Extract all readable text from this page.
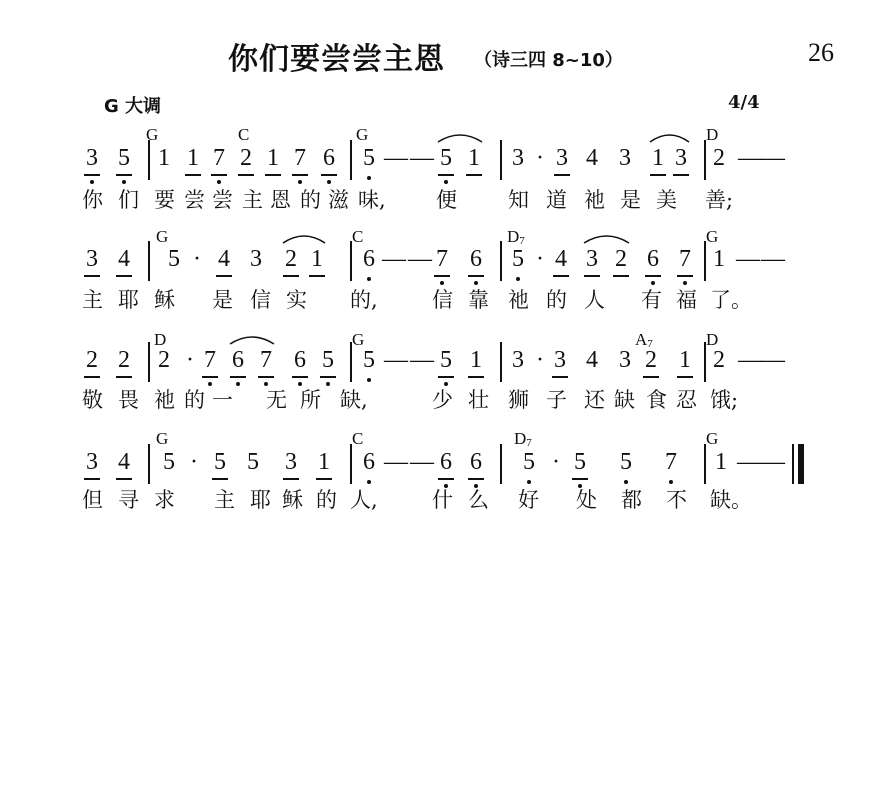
你们要尝尝主恩 （诗三四 8~10）	26
G 大调	4/4
3 5 1 1 7 2 1 7 6 5 — — 5 1 3 · 3 4 3 1 3 2 — —
你 们 要 尝 尝 主 恩 的 滋 味, 便 知 道 祂 是 美 善;
3 4 5 · 4 3 2 1 6 — — 7 6 5 · 4 3 2 6 7 1 — —
主 耶 稣 是 信 实 的,	信 靠 祂 的 人 有 福 了。
2 2 2 · 7 6 7 6 5 5 — — 5 1 3 · 3 4 3 2 1 2 — —
敬 畏 祂 的 一 无 所 缺,	少 壮 狮 子 还 缺 食 忍 饿;
3 4 5 · 5 5 3 1 6 — — 6 6 5 · 5 5 7 1 — —
但 寻 求 主 耶 稣 的 人,	什 么 好 处 都 不 缺。
G	C	G	D
G	C	$D_7$	G
D	G	$A_7$	D
G	C	$D_7$	G
